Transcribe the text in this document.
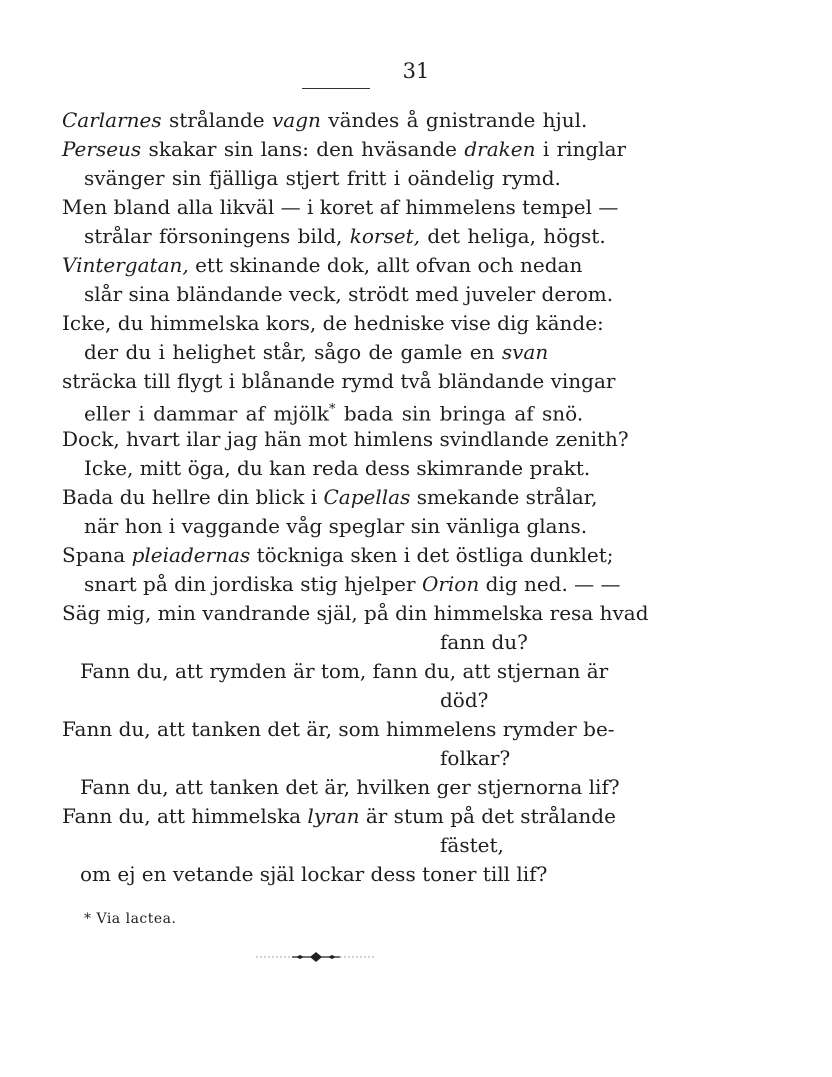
31
Carlarnes strålande vagn vändes å gnistrande hjul.
Perseus skakar sin lans: den hväsande draken i ringlar
svänger sin fjälliga stjert fritt i oändelig rymd.
Men bland alla likväl — i koret af himmelens tempel —
strålar försoningens bild, korset, det heliga, högst.
Vintergatan, ett skinande dok, allt ofvan och nedan
slår sina bländande veck, strödt med juveler derom.
Icke, du himmelska kors, de hedniske vise dig kände:
der du i helighet står, sågo de gamle en svan
sträcka till flygt i blånande rymd två bländande vingar
eller i dammar af mjölk* bada sin bringa af snö.
Dock, hvart ilar jag hän mot himlens svindlande zenith?
Icke, mitt öga, du kan reda dess skimrande prakt.
Bada du hellre din blick i Capellas smekande strålar,
när hon i vaggande våg speglar sin vänliga glans.
Spana pleiadernas töckniga sken i det östliga dunklet;
snart på din jordiska stig hjelper Orion dig ned. — —
Säg mig, min vandrande själ, på din himmelska resa hvad
fann du?
Fann du, att rymden är tom, fann du, att stjernan är
död?
Fann du, att tanken det är, som himmelens rymder be-
folkar?
Fann du, att tanken det är, hvilken ger stjernorna lif?
Fann du, att himmelska lyran är stum på det strålande
fästet,
om ej en vetande själ lockar dess toner till lif?
* Via lactea.
